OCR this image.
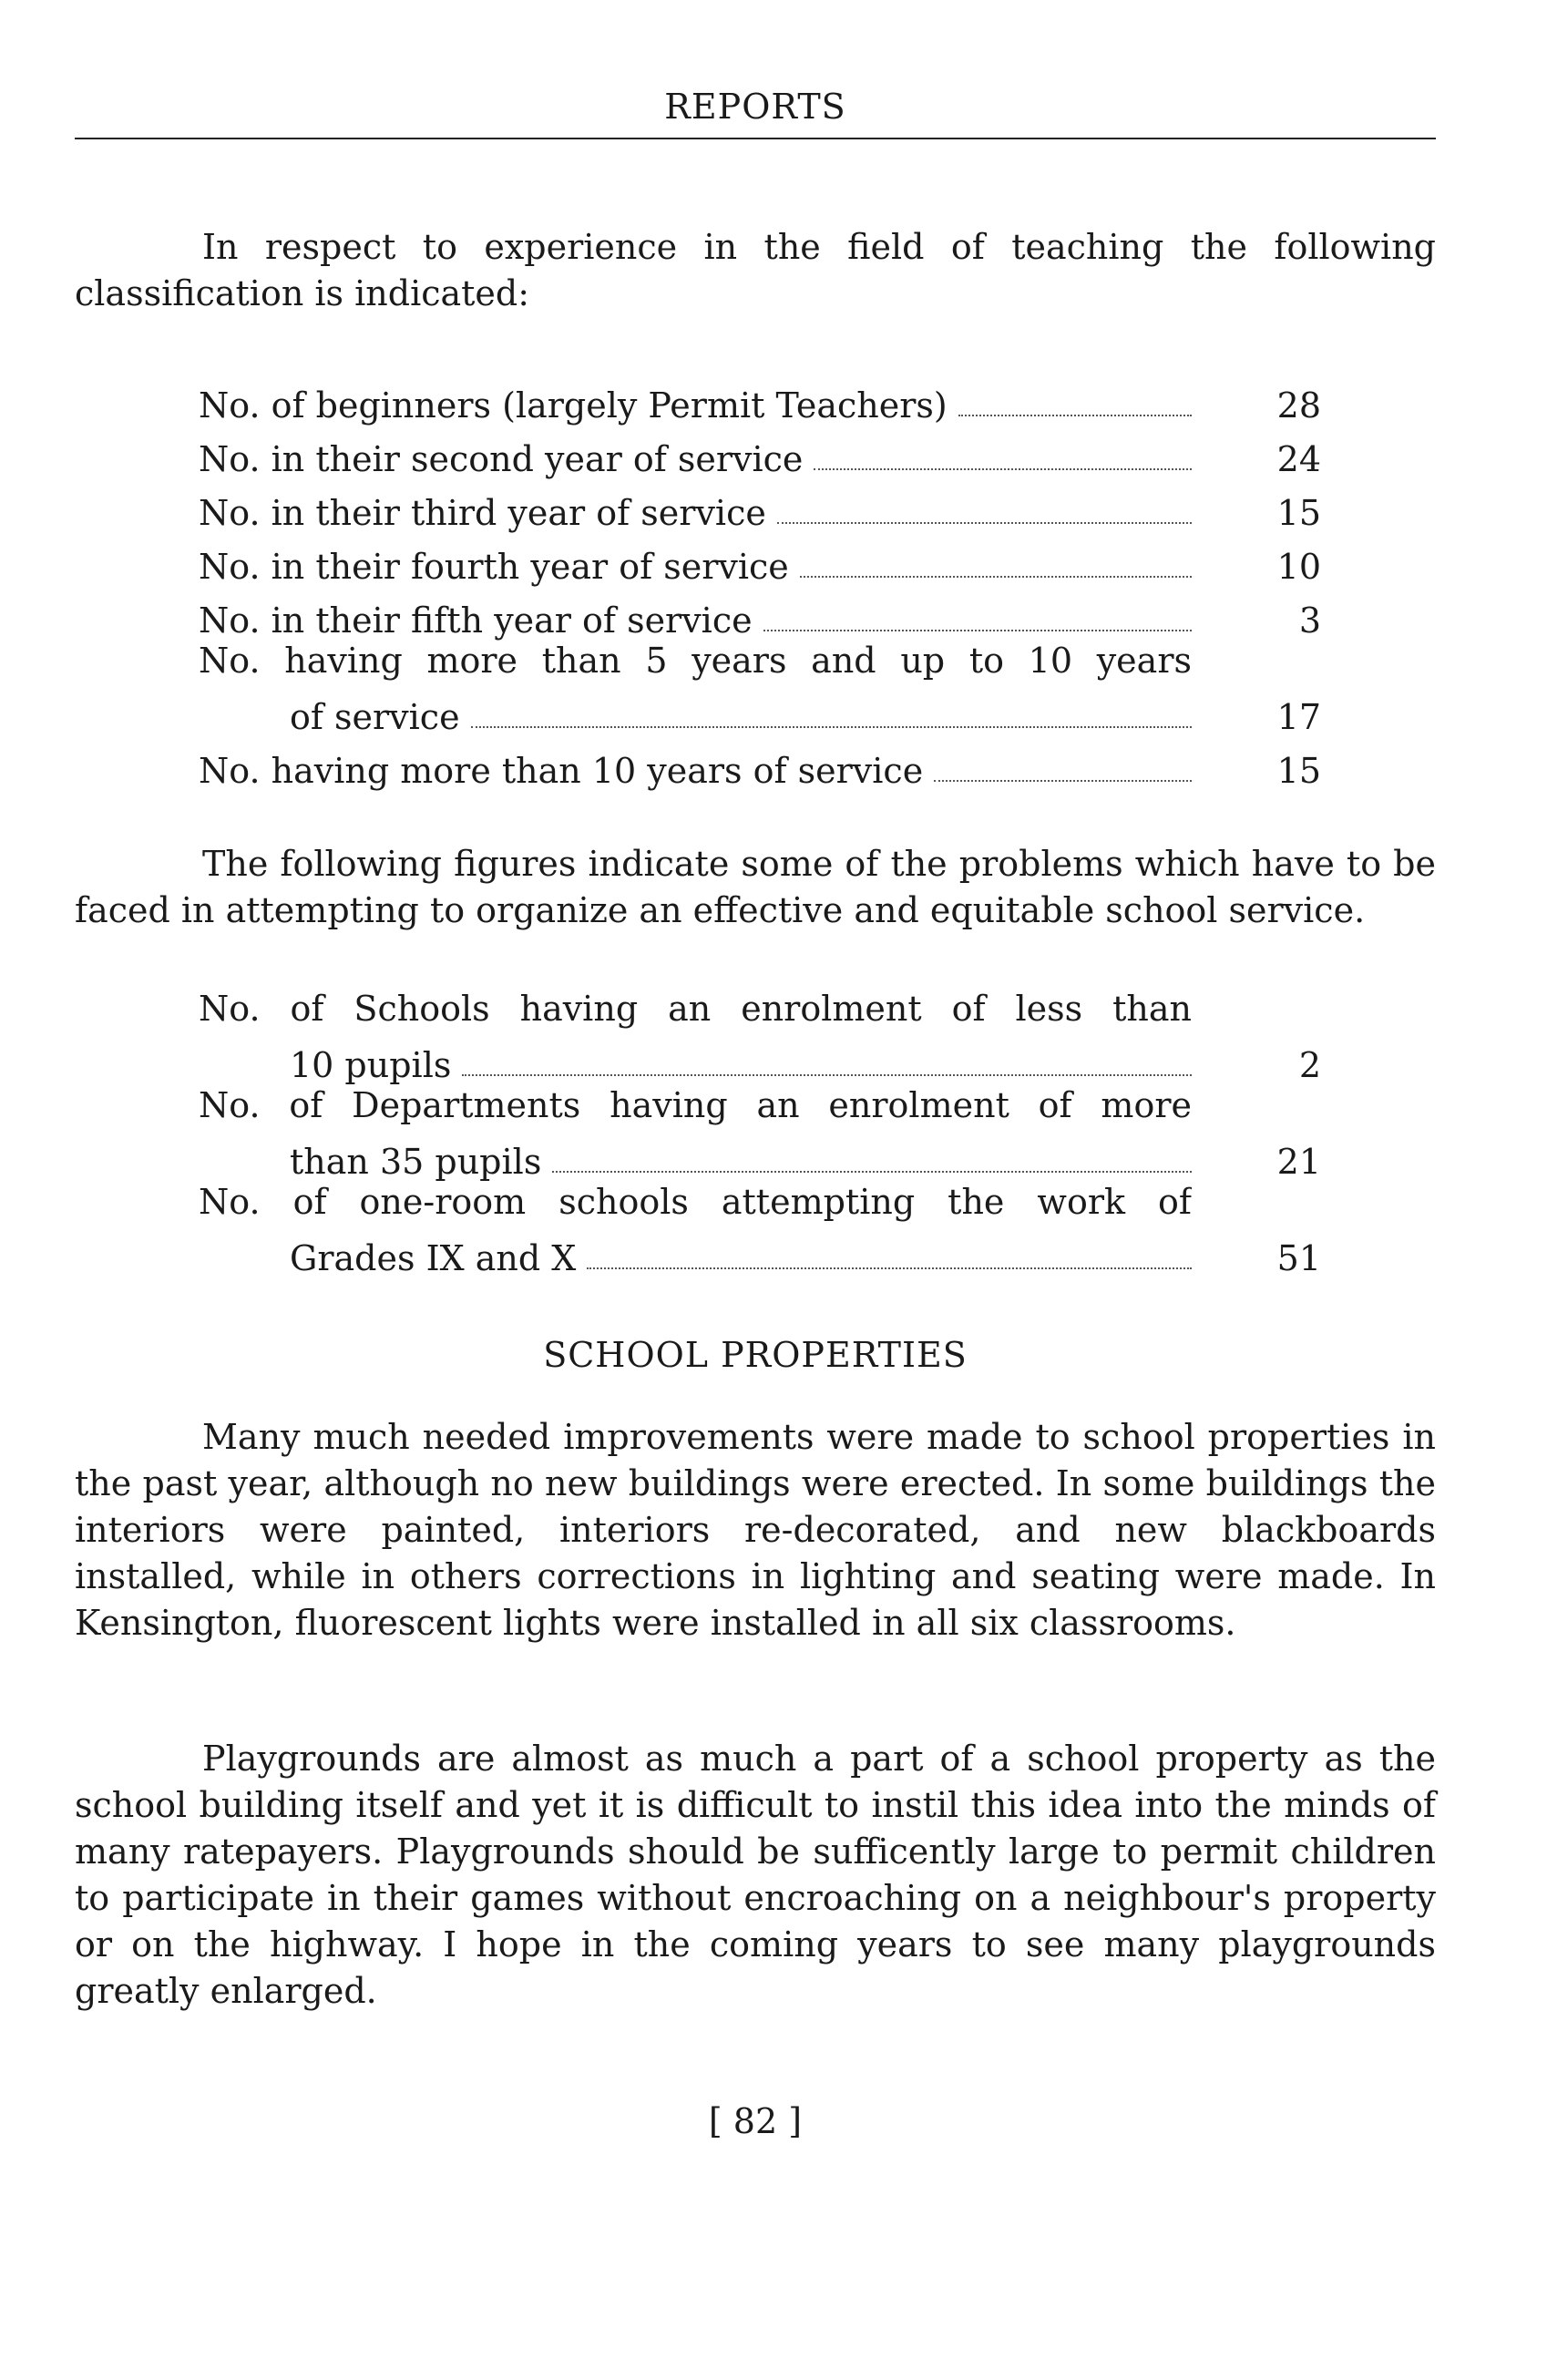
REPORTS

In respect to experience in the field of teaching the following classification is indicated:

No. of beginners (largely Permit Teachers)	28
No. in their second year of service	24
No. in their third year of service	15
No. in their fourth year of service	10
No. in their fifth year of service	3
No. having more than 5 years and up to 10 years
of service	17
No. having more than 10 years of service	15

The following figures indicate some of the problems which have to be faced in attempting to organize an effective and equitable school service.

No. of Schools having an enrolment of less than
10 pupils	2
No. of Departments having an enrolment of more
than 35 pupils	21
No. of one-room schools attempting the work of
Grades IX and X	51
SCHOOL PROPERTIES

Many much needed improvements were made to school properties in the past year, although no new buildings were erected. In some buildings the interiors were painted, interiors re-decorated, and new blackboards installed, while in others corrections in lighting and seating were made. In Kensington, fluorescent lights were installed in all six classrooms.

Playgrounds are almost as much a part of a school property as the school building itself and yet it is difficult to instil this idea into the minds of many ratepayers. Playgrounds should be sufficently large to permit children to participate in their games without encroaching on a neighbour's property or on the highway. I hope in the coming years to see many playgrounds greatly enlarged.

[ 82 ]
